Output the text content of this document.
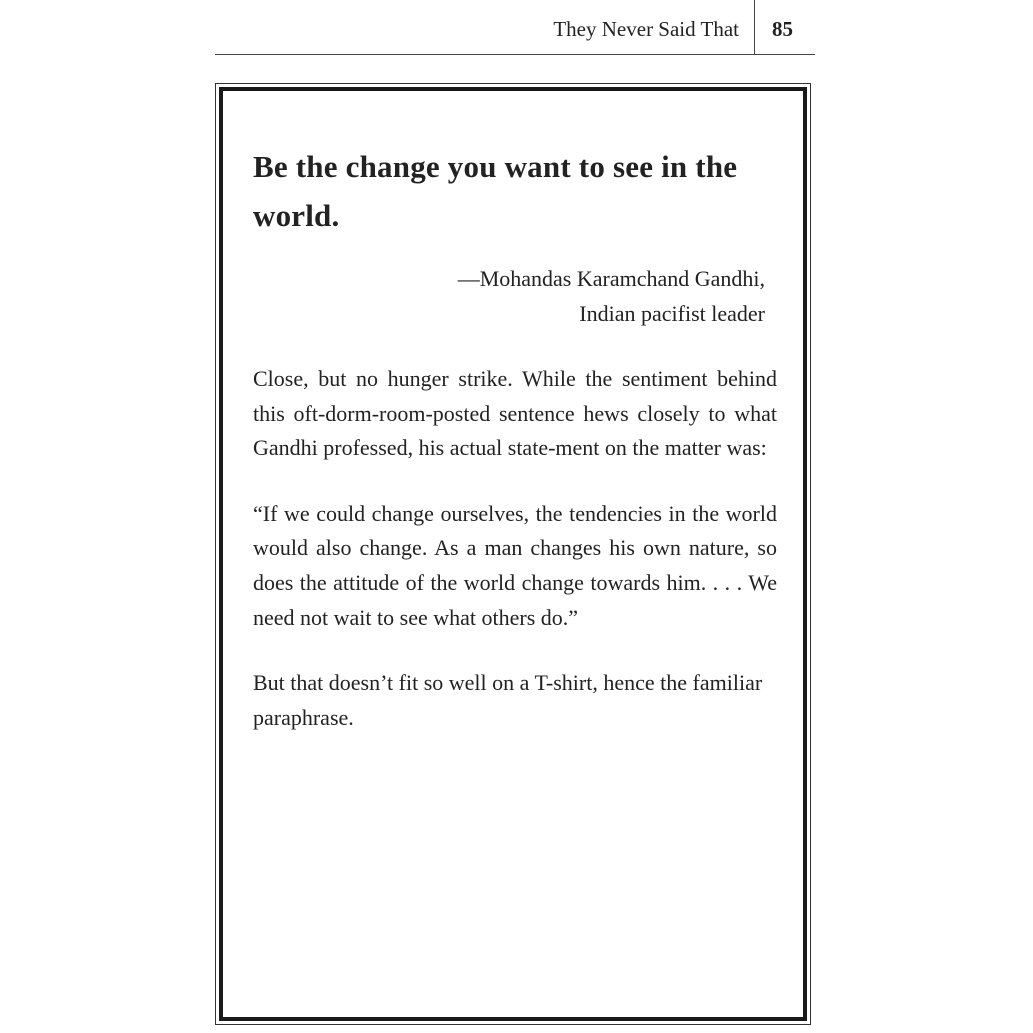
They Never Said That 85
Be the change you want to see in the world.
—Mohandas Karamchand Gandhi,
Indian pacifist leader

Close, but no hunger strike. While the sentiment behind this oft-dorm-room-posted sentence hews closely to what Gandhi professed, his actual state-ment on the matter was:

“If we could change ourselves, the tendencies in the world would also change. As a man changes his own nature, so does the attitude of the world change towards him. . . . We need not wait to see what others do.”

But that doesn’t fit so well on a T-shirt, hence the familiar paraphrase.
